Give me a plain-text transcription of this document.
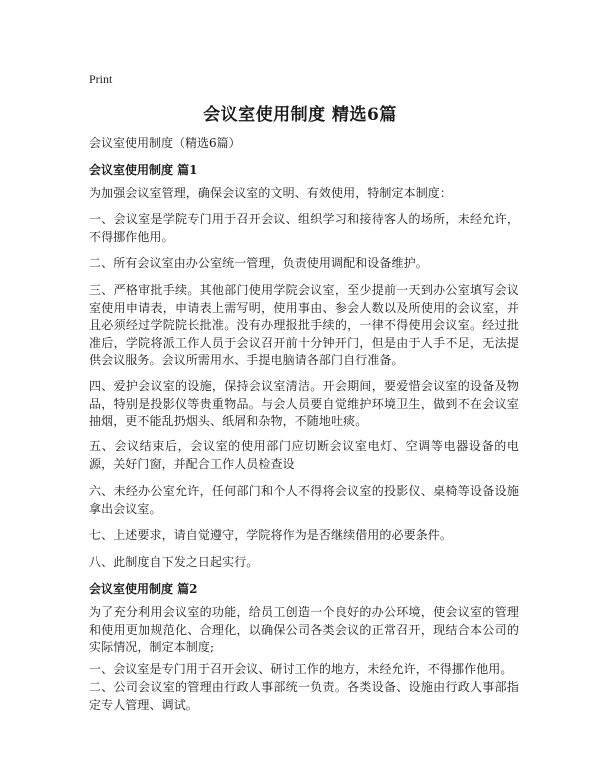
Print
会议室使用制度 精选6篇

会议室使用制度（精选6篇）

会议室使用制度 篇1

为加强会议室管理，确保会议室的文明、有效使用，特制定本制度：

一、会议室是学院专门用于召开会议、组织学习和接待客人的场所，未经允许，不得挪作他用。

二、所有会议室由办公室统一管理，负责使用调配和设备维护。

三、严格审批手续。其他部门使用学院会议室，至少提前一天到办公室填写会议室使用申请表，申请表上需写明，使用事由、参会人数以及所使用的会议室，并且必须经过学院院长批准。没有办理报批手续的，一律不得使用会议室。经过批准后，学院将派工作人员于会议召开前十分钟开门，但是由于人手不足，无法提供会议服务。会议所需用水、手提电脑请各部门自行准备。

四、爱护会议室的设施，保持会议室清洁。开会期间，要爱惜会议室的设备及物品，特别是投影仪等贵重物品。与会人员要自觉维护环境卫生，做到不在会议室抽烟，更不能乱扔烟头、纸屑和杂物，不随地吐痰。

五、会议结束后，会议室的使用部门应切断会议室电灯、空调等电器设备的电源，关好门窗，并配合工作人员检查设

六、未经办公室允许，任何部门和个人不得将会议室的投影仪、桌椅等设备设施拿出会议室。

七、上述要求，请自觉遵守，学院将作为是否继续借用的必要条件。

八、此制度自下发之日起实行。

会议室使用制度 篇2

为了充分利用会议室的功能，给员工创造一个良好的办公环境，使会议室的管理和使用更加规范化、合理化，以确保公司各类会议的正常召开，现结合本公司的实际情况，制定本制度;

一、会议室是专门用于召开会议、研讨工作的地方，未经允许，不得挪作他用。

二、公司会议室的管理由行政人事部统一负责。各类设备、设施由行政人事部指定专人管理、调试。
